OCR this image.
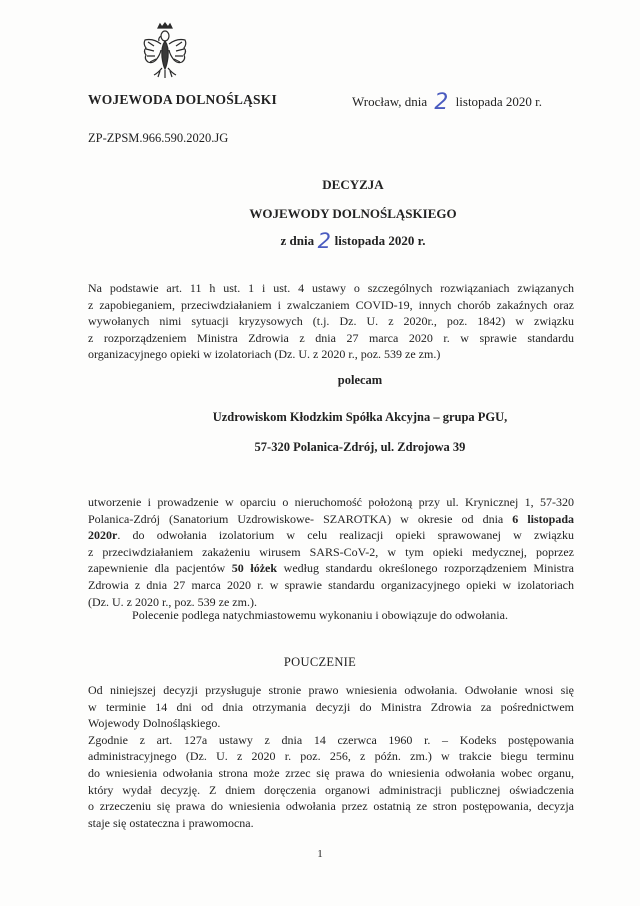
WOJEWODA DOLNOŚLĄSKI	Wrocław, dnia 2 listopada 2020 r.
ZP-ZPSM.966.590.2020.JG
DECYZJA
WOJEWODY DOLNOŚLĄSKIEGO
z dnia 2 listopada 2020 r.
Na podstawie art. 11 h ust. 1 i ust. 4 ustawy o szczególnych rozwiązaniach związanych
z zapobieganiem, przeciwdziałaniem i zwalczaniem COVID-19, innych chorób zakaźnych oraz
wywołanych nimi sytuacji kryzysowych (t.j. Dz. U. z 2020r., poz. 1842) w związku
z rozporządzeniem Ministra Zdrowia z dnia 27 marca 2020 r. w sprawie standardu
organizacyjnego opieki w izolatoriach (Dz. U. z 2020 r., poz. 539 ze zm.)
polecam
Uzdrowiskom Kłodzkim Spółka Akcyjna – grupa PGU,
57-320 Polanica-Zdrój, ul. Zdrojowa 39
utworzenie i prowadzenie w oparciu o nieruchomość położoną przy ul. Krynicznej 1, 57-320
Polanica-Zdrój (Sanatorium Uzdrowiskowe- SZAROTKA) w okresie od dnia 6 listopada
2020r. do odwołania izolatorium w celu realizacji opieki sprawowanej w związku
z przeciwdziałaniem zakażeniu wirusem SARS-CoV-2, w tym opieki medycznej, poprzez
zapewnienie dla pacjentów 50 łóżek według standardu określonego rozporządzeniem Ministra
Zdrowia z dnia 27 marca 2020 r. w sprawie standardu organizacyjnego opieki w izolatoriach
(Dz. U. z 2020 r., poz. 539 ze zm.).
Polecenie podlega natychmiastowemu wykonaniu i obowiązuje do odwołania.
POUCZENIE
Od niniejszej decyzji przysługuje stronie prawo wniesienia odwołania. Odwołanie wnosi się
w terminie 14 dni od dnia otrzymania decyzji do Ministra Zdrowia za pośrednictwem
Wojewody Dolnośląskiego.
Zgodnie z art. 127a ustawy z dnia 14 czerwca 1960 r. – Kodeks postępowania
administracyjnego (Dz. U. z 2020 r. poz. 256, z późn. zm.) w trakcie biegu terminu
do wniesienia odwołania strona może zrzec się prawa do wniesienia odwołania wobec organu,
który wydał decyzję. Z dniem doręczenia organowi administracji publicznej oświadczenia
o zrzeczeniu się prawa do wniesienia odwołania przez ostatnią ze stron postępowania, decyzja
staje się ostateczna i prawomocna.
1
